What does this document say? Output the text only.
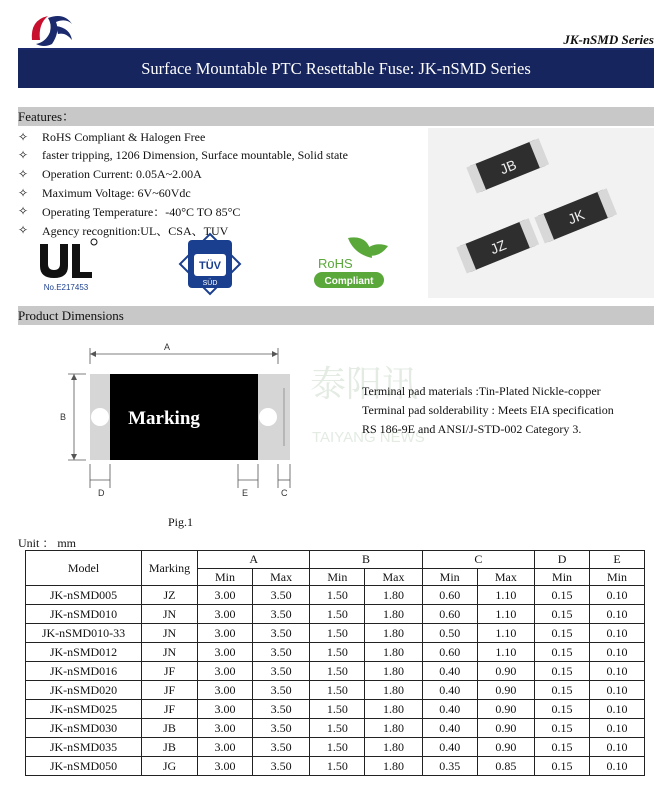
JK-nSMD Series
Surface Mountable PTC Resettable Fuse: JK-nSMD Series
Features：
✧	RoHS Compliant & Halogen Free
✧	faster tripping, 1206 Dimension, Surface mountable, Solid state
✧	Operation Current: 0.05A~2.00A
✧	Maximum Voltage: 6V~60Vdc
✧	Operating Temperature：-40°C TO 85°C
✧	Agency recognition:UL、CSA、TUV
No.E217453
TÜV
SÜD
RoHS
Compliant
JB
JK
JZ
Product Dimensions
泰阳讯
TAIYANG NEWS
A
B	Marking
D	E	C
Pig.1
Terminal pad materials :Tin-Plated Nickle-copper
Terminal pad solderability : Meets EIA specification
RS 186-9E and ANSI/J-STD-002 Category 3.
Unit ： mm
Model	Marking	A		B		C		D	E
		Min	Max	Min	Max	Min	Max	Min	Min
JK-nSMD005	JZ	3.00	3.50	1.50	1.80	0.60	1.10	0.15	0.10
JK-nSMD010	JN	3.00	3.50	1.50	1.80	0.60	1.10	0.15	0.10
JK-nSMD010-33	JN	3.00	3.50	1.50	1.80	0.50	1.10	0.15	0.10
JK-nSMD012	JN	3.00	3.50	1.50	1.80	0.60	1.10	0.15	0.10
JK-nSMD016	JF	3.00	3.50	1.50	1.80	0.40	0.90	0.15	0.10
JK-nSMD020	JF	3.00	3.50	1.50	1.80	0.40	0.90	0.15	0.10
JK-nSMD025	JF	3.00	3.50	1.50	1.80	0.40	0.90	0.15	0.10
JK-nSMD030	JB	3.00	3.50	1.50	1.80	0.40	0.90	0.15	0.10
JK-nSMD035	JB	3.00	3.50	1.50	1.80	0.40	0.90	0.15	0.10
JK-nSMD050	JG	3.00	3.50	1.50	1.80	0.35	0.85	0.15	0.10
